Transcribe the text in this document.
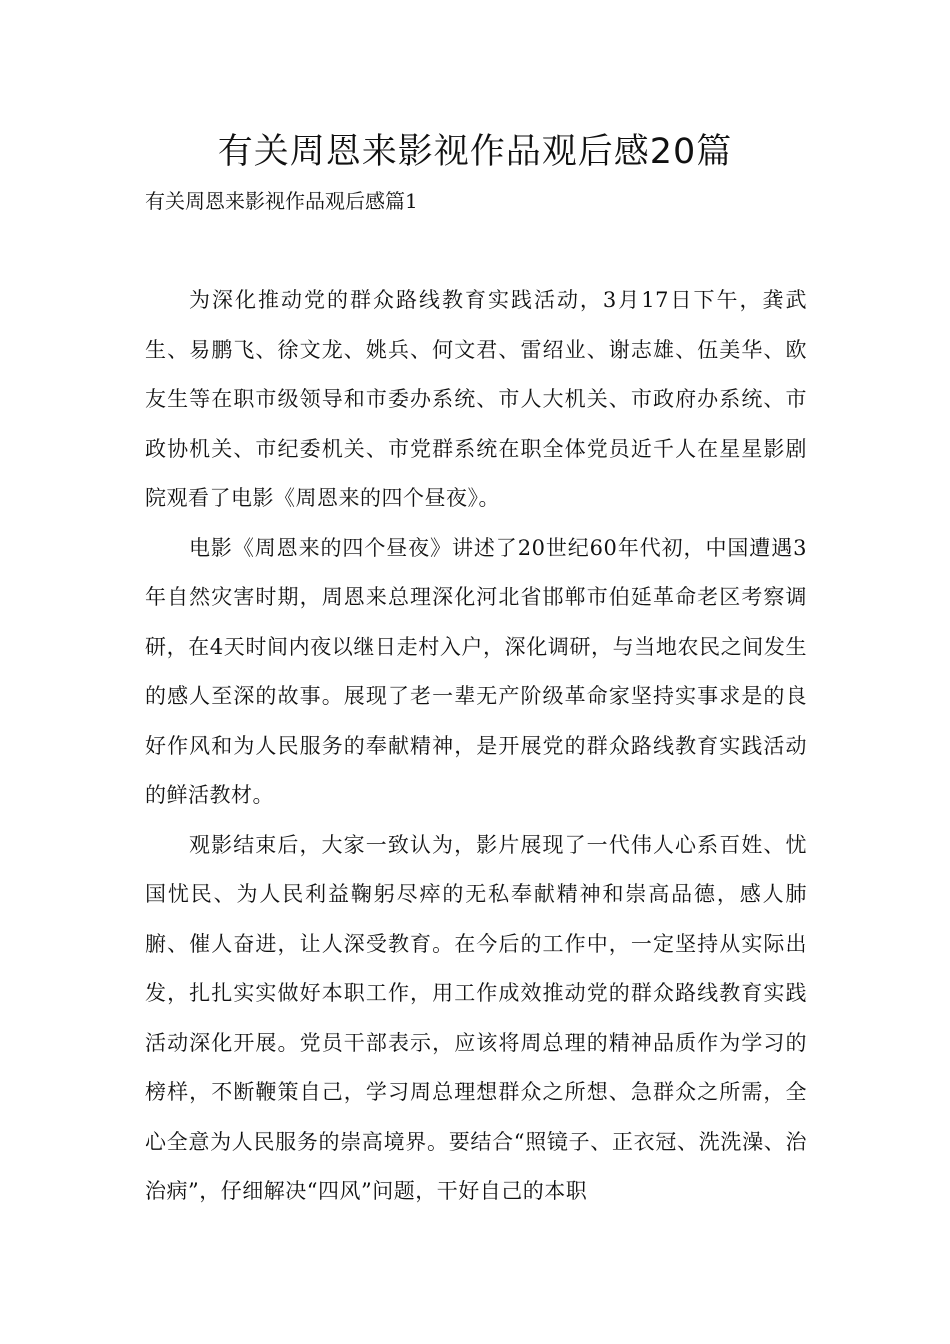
有关周恩来影视作品观后感20篇
有关周恩来影视作品观后感篇1

为深化推动党的群众路线教育实践活动，3月17日下午，龚武生、易鹏飞、徐文龙、姚兵、何文君、雷绍业、谢志雄、伍美华、欧友生等在职市级领导和市委办系统、市人大机关、市政府办系统、市政协机关、市纪委机关、市党群系统在职全体党员近千人在星星影剧院观看了电影《周恩来的四个昼夜》。

电影《周恩来的四个昼夜》讲述了20世纪60年代初，中国遭遇3年自然灾害时期，周恩来总理深化河北省邯郸市伯延革命老区考察调研，在4天时间内夜以继日走村入户，深化调研，与当地农民之间发生的感人至深的故事。展现了老一辈无产阶级革命家坚持实事求是的良好作风和为人民服务的奉献精神，是开展党的群众路线教育实践活动的鲜活教材。

观影结束后，大家一致认为，影片展现了一代伟人心系百姓、忧国忧民、为人民利益鞠躬尽瘁的无私奉献精神和崇高品德，感人肺腑、催人奋进，让人深受教育。在今后的工作中，一定坚持从实际出发，扎扎实实做好本职工作，用工作成效推动党的群众路线教育实践活动深化开展。党员干部表示，应该将周总理的精神品质作为学习的榜样，不断鞭策自己，学习周总理想群众之所想、急群众之所需，全心全意为人民服务的崇高境界。要结合“照镜子、正衣冠、洗洗澡、治治病”，仔细解决“四风”问题，干好自己的本职
